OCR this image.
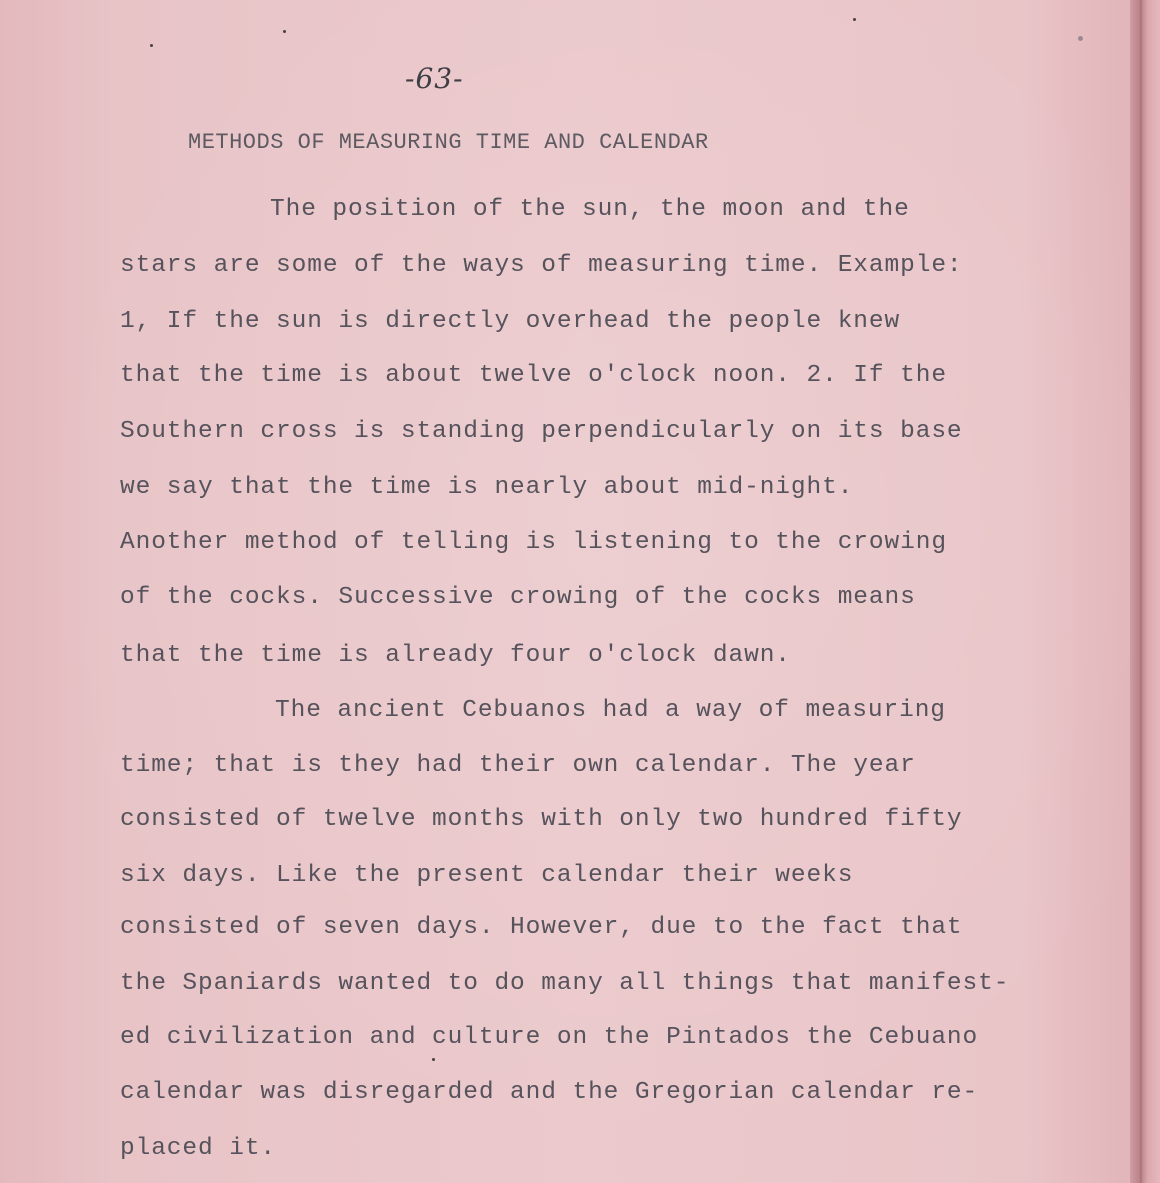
-63-
METHODS OF MEASURING TIME AND CALENDAR
The position of the sun, the moon and the
stars are some of the ways of measuring time. Example:
1, If the sun is directly overhead the people knew
that the time is about twelve o'clock noon. 2. If the
Southern cross is standing perpendicularly on its base
we say that the time is nearly about mid-night.
Another method of telling is listening to the crowing
of the cocks. Successive crowing of the cocks means
that the time is already four o'clock dawn.
The ancient Cebuanos had a way of measuring
time; that is they had their own calendar. The year
consisted of twelve months with only two hundred fifty
six days. Like the present calendar their weeks
consisted of seven days. However, due to the fact that
the Spaniards wanted to do many all things that manifest-
ed civilization and culture on the Pintados the Cebuano
calendar was disregarded and the Gregorian calendar re-
placed it.
